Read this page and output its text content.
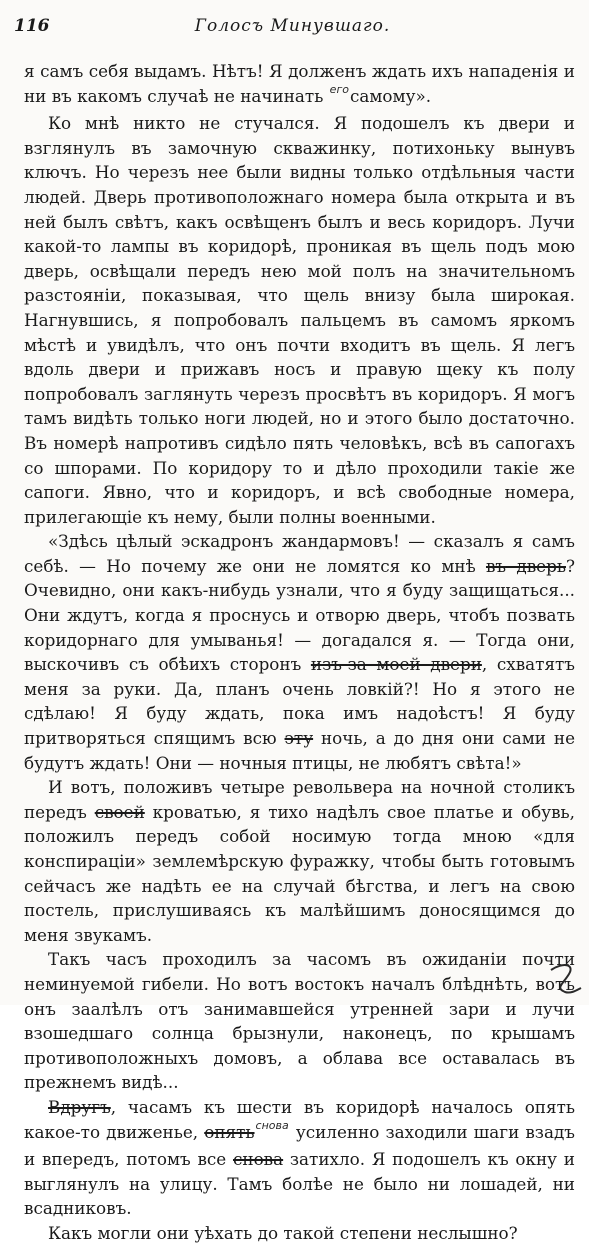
116	Голосъ Минувшаго.

я самъ себя выдамъ. Нѣтъ! Я долженъ ждать ихъ нападенія и ни въ какомъ случаѣ не начинать $^{его}$самому».

Ко мнѣ никто не стучался. Я подошелъ къ двери и взглянулъ въ замочную скважинку, потихоньку вынувъ ключъ. Но черезъ нее были видны только отдѣльныя части людей. Дверь противоположнаго номера была открыта и въ ней былъ свѣтъ, какъ освѣщенъ былъ и весь коридоръ. Лучи какой-то лампы въ коридорѣ, проникая въ щель подъ мою дверь, освѣщали передъ нею мой полъ на значительномъ разстояніи, показывая, что щель внизу была широкая. Нагнувшись, я попробовалъ пальцемъ въ самомъ яркомъ мѣстѣ и увидѣлъ, что онъ почти входитъ въ щель. Я легъ вдоль двери и прижавъ носъ и правую щеку къ полу попробовалъ заглянуть черезъ просвѣтъ въ коридоръ. Я могъ тамъ видѣть только ноги людей, но и этого было достаточно. Въ номерѣ напротивъ сидѣло пять человѣкъ, всѣ въ сапогахъ со шпорами. По коридору то и дѣло проходили такіе же сапоги. Явно, что и коридоръ, и всѣ свободные номера, прилегающіе къ нему, были полны военными.

«Здѣсь цѣлый эскадронъ жандармовъ! — сказалъ я самъ себѣ. — Но почему же они не ломятся ко мнѣ въ дверь? Очевидно, они какъ-нибудь узнали, что я буду защищаться... Они ждутъ, когда я проснусь и отворю дверь, чтобъ позвать коридорнаго для умыванья! — догадался я. — Тогда они, выскочивъ съ обѣихъ сторонъ изъ-за моей двери, схватятъ меня за руки. Да, планъ очень ловкій?! Но я этого не сдѣлаю! Я буду ждать, пока имъ надоѣстъ! Я буду притворяться спящимъ всю эту ночь, а до дня они сами не будутъ ждать! Они — ночныя птицы, не любятъ свѣта!»

И вотъ, положивъ четыре револьвера на ночной столикъ передъ своей кроватью, я тихо надѣлъ свое платье и обувь, положилъ передъ собой носимую тогда мною «для конспираціи» землемѣрскую фуражку, чтобы быть готовымъ сейчасъ же надѣть ее на случай бѣгства, и легъ на свою постель, прислушиваясь къ малѣйшимъ доносящимся до меня звукамъ.

Такъ часъ проходилъ за часомъ въ ожиданіи почти неминуемой гибели. Но вотъ востокъ началъ блѣднѣть, вотъ онъ заалѣлъ отъ занимавшейся утренней зари и лучи взошедшаго солнца брызнули, наконецъ, по крышамъ противоположныхъ домовъ, а облава все оставалась въ прежнемъ видѣ...

Вдругъ, часамъ къ шести въ коридорѣ началось опять какое-то движенье, опять$^{снова}$ усиленно заходили шаги взадъ и впередъ, потомъ все снова затихло. Я подошелъ къ окну и выглянулъ на улицу. Тамъ болѣе не было ни лошадей, ни всадниковъ.

Какъ могли они уѣхать до такой степени неслышно?
